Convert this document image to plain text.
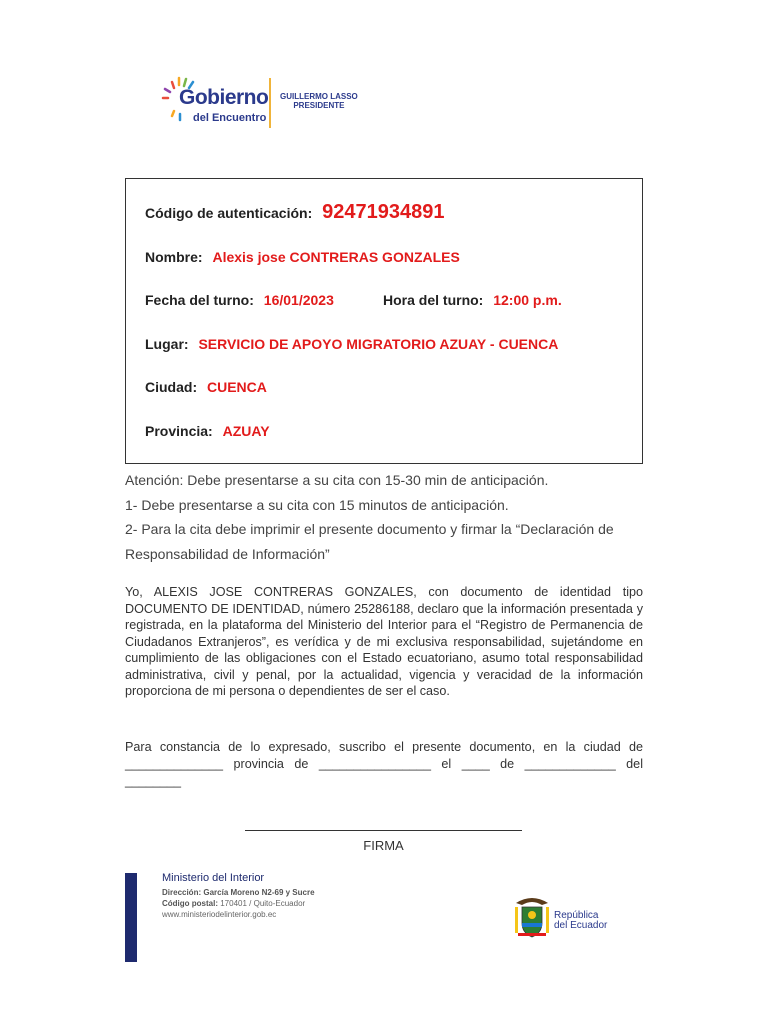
Gobierno
del Encuentro
GUILLERMO LASSO
PRESIDENTE
Código de autenticación: 92471934891
Nombre: Alexis jose CONTRERAS GONZALES
Fecha del turno: 16/01/2023	Hora del turno: 12:00 p.m.
Lugar: SERVICIO DE APOYO MIGRATORIO AZUAY - CUENCA
Ciudad: CUENCA
Provincia: AZUAY

Atención: Debe presentarse a su cita con 15-30 min de anticipación.

1- Debe presentarse a su cita con 15 minutos de anticipación.

2- Para la cita debe imprimir el presente documento y firmar la “Declaración de Responsabilidad de Información”

Yo, ALEXIS JOSE CONTRERAS GONZALES, con documento de identidad tipo DOCUMENTO DE IDENTIDAD, número 25286188, declaro que la información presentada y registrada, en la plataforma del Ministerio del Interior para el “Registro de Permanencia de Ciudadanos Extranjeros”, es verídica y de mi exclusiva responsabilidad, sujetándome en cumplimiento de las obligaciones con el Estado ecuatoriano, asumo total responsabilidad administrativa, civil y penal, por la actualidad, vigencia y veracidad de la información proporciona de mi persona o dependientes de ser el caso.

Para constancia de lo expresado, suscribo el presente documento, en la ciudad de ______________ provincia de ________________ el ____ de _____________ del ________

FIRMA
Ministerio del Interior
Dirección: García Moreno N2-69 y Sucre
Código postal: 170401 / Quito-Ecuador
www.ministeriodelinterior.gob.ec	República
del Ecuador
